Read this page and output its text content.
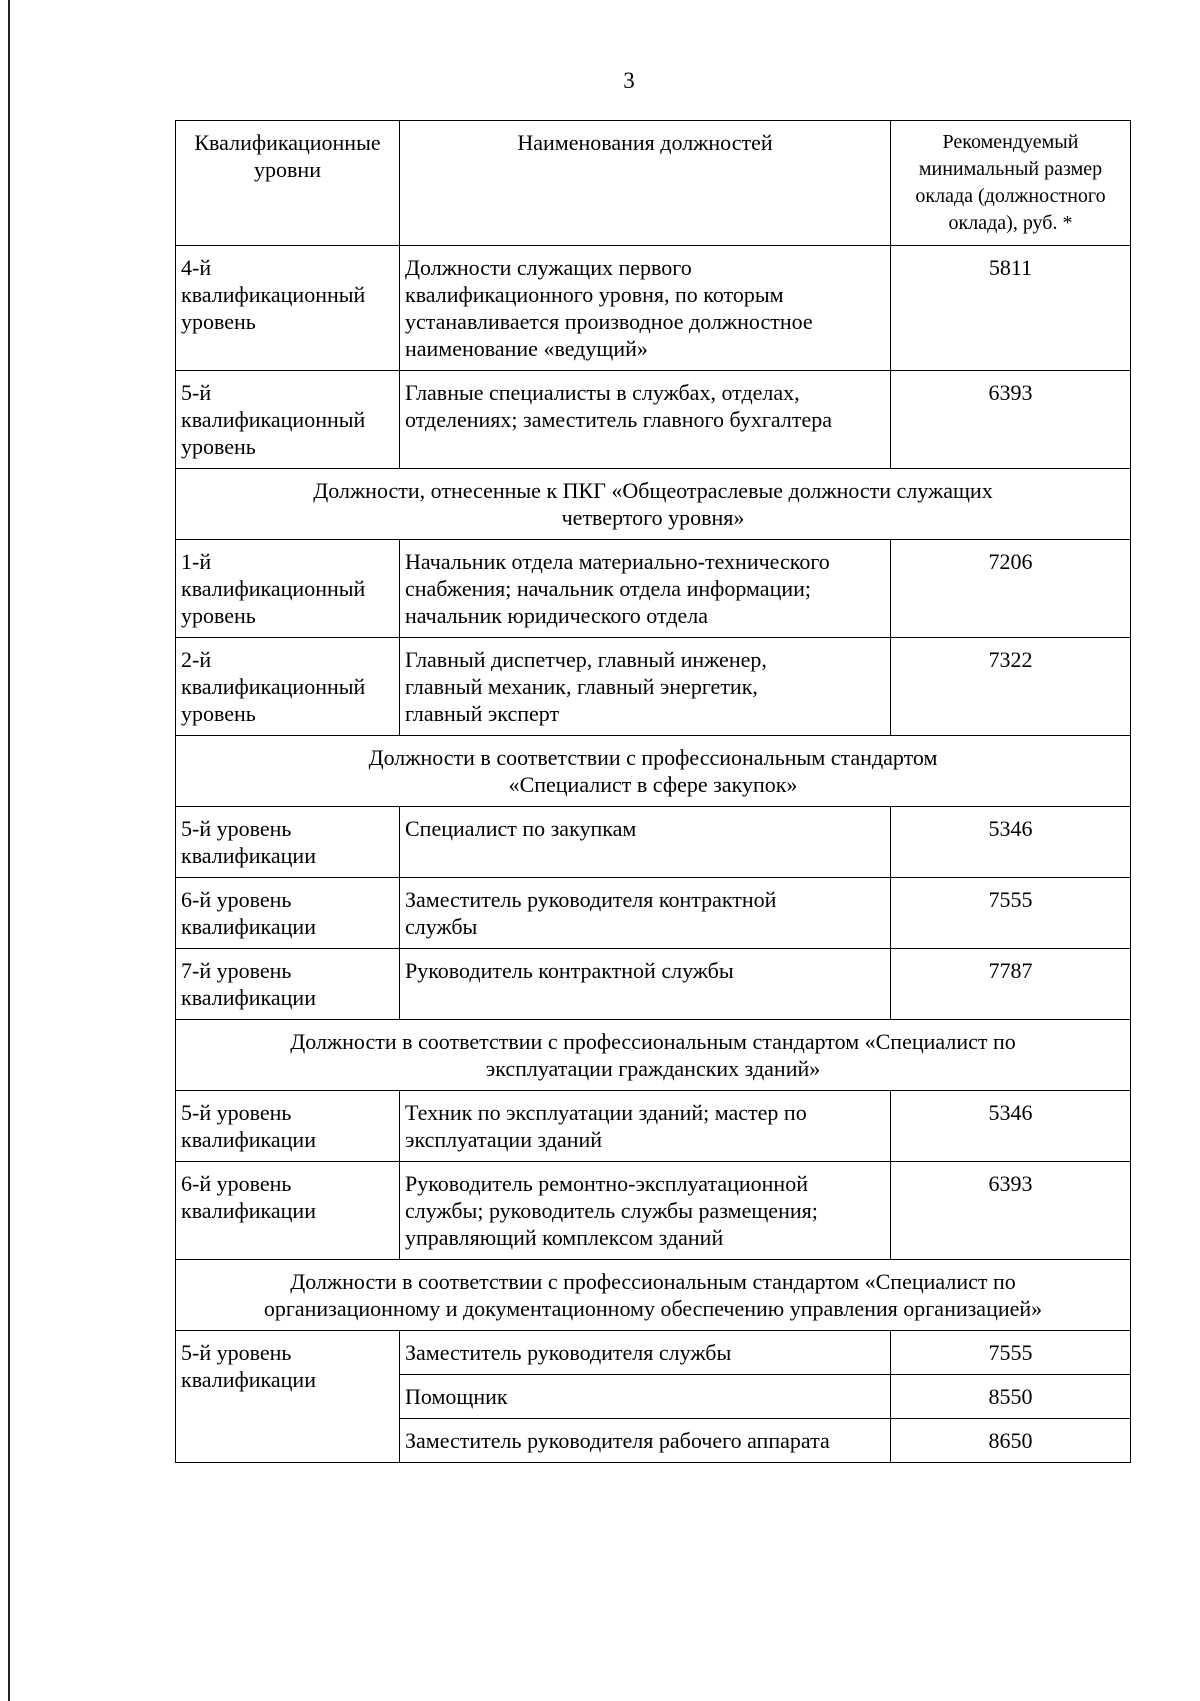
3
Квалификационные
уровни	Наименования должностей	Рекомендуемый
минимальный размер
оклада (должностного
оклада), руб. *
4-й
квалификационный
уровень	Должности служащих первого
квалификационного уровня, по которым
устанавливается производное должностное
наименование «ведущий»	5811
5-й
квалификационный
уровень	Главные специалисты в службах, отделах,
отделениях; заместитель главного бухгалтера	6393
Должности, отнесенные к ПКГ «Общеотраслевые должности служащих
четвертого уровня»		
1-й
квалификационный
уровень	Начальник отдела материально-технического
снабжения; начальник отдела информации;
начальник юридического отдела	7206
2-й
квалификационный
уровень	Главный диспетчер, главный инженер,
главный механик, главный энергетик,
главный эксперт	7322
Должности в соответствии с профессиональным стандартом
«Специалист в сфере закупок»		
5-й уровень
квалификации	Специалист по закупкам	5346
6-й уровень
квалификации	Заместитель руководителя контрактной
службы	7555
7-й уровень
квалификации	Руководитель контрактной службы	7787
Должности в соответствии с профессиональным стандартом «Специалист по
эксплуатации гражданских зданий»		
5-й уровень
квалификации	Техник по эксплуатации зданий; мастер по
эксплуатации зданий	5346
6-й уровень
квалификации	Руководитель ремонтно-эксплуатационной
службы; руководитель службы размещения;
управляющий комплексом зданий	6393
Должности в соответствии с профессиональным стандартом «Специалист по
организационному и документационному обеспечению управления организацией»		
5-й уровень
квалификации	Заместитель руководителя службы	7555
	Помощник	8550
	Заместитель руководителя рабочего аппарата	8650
